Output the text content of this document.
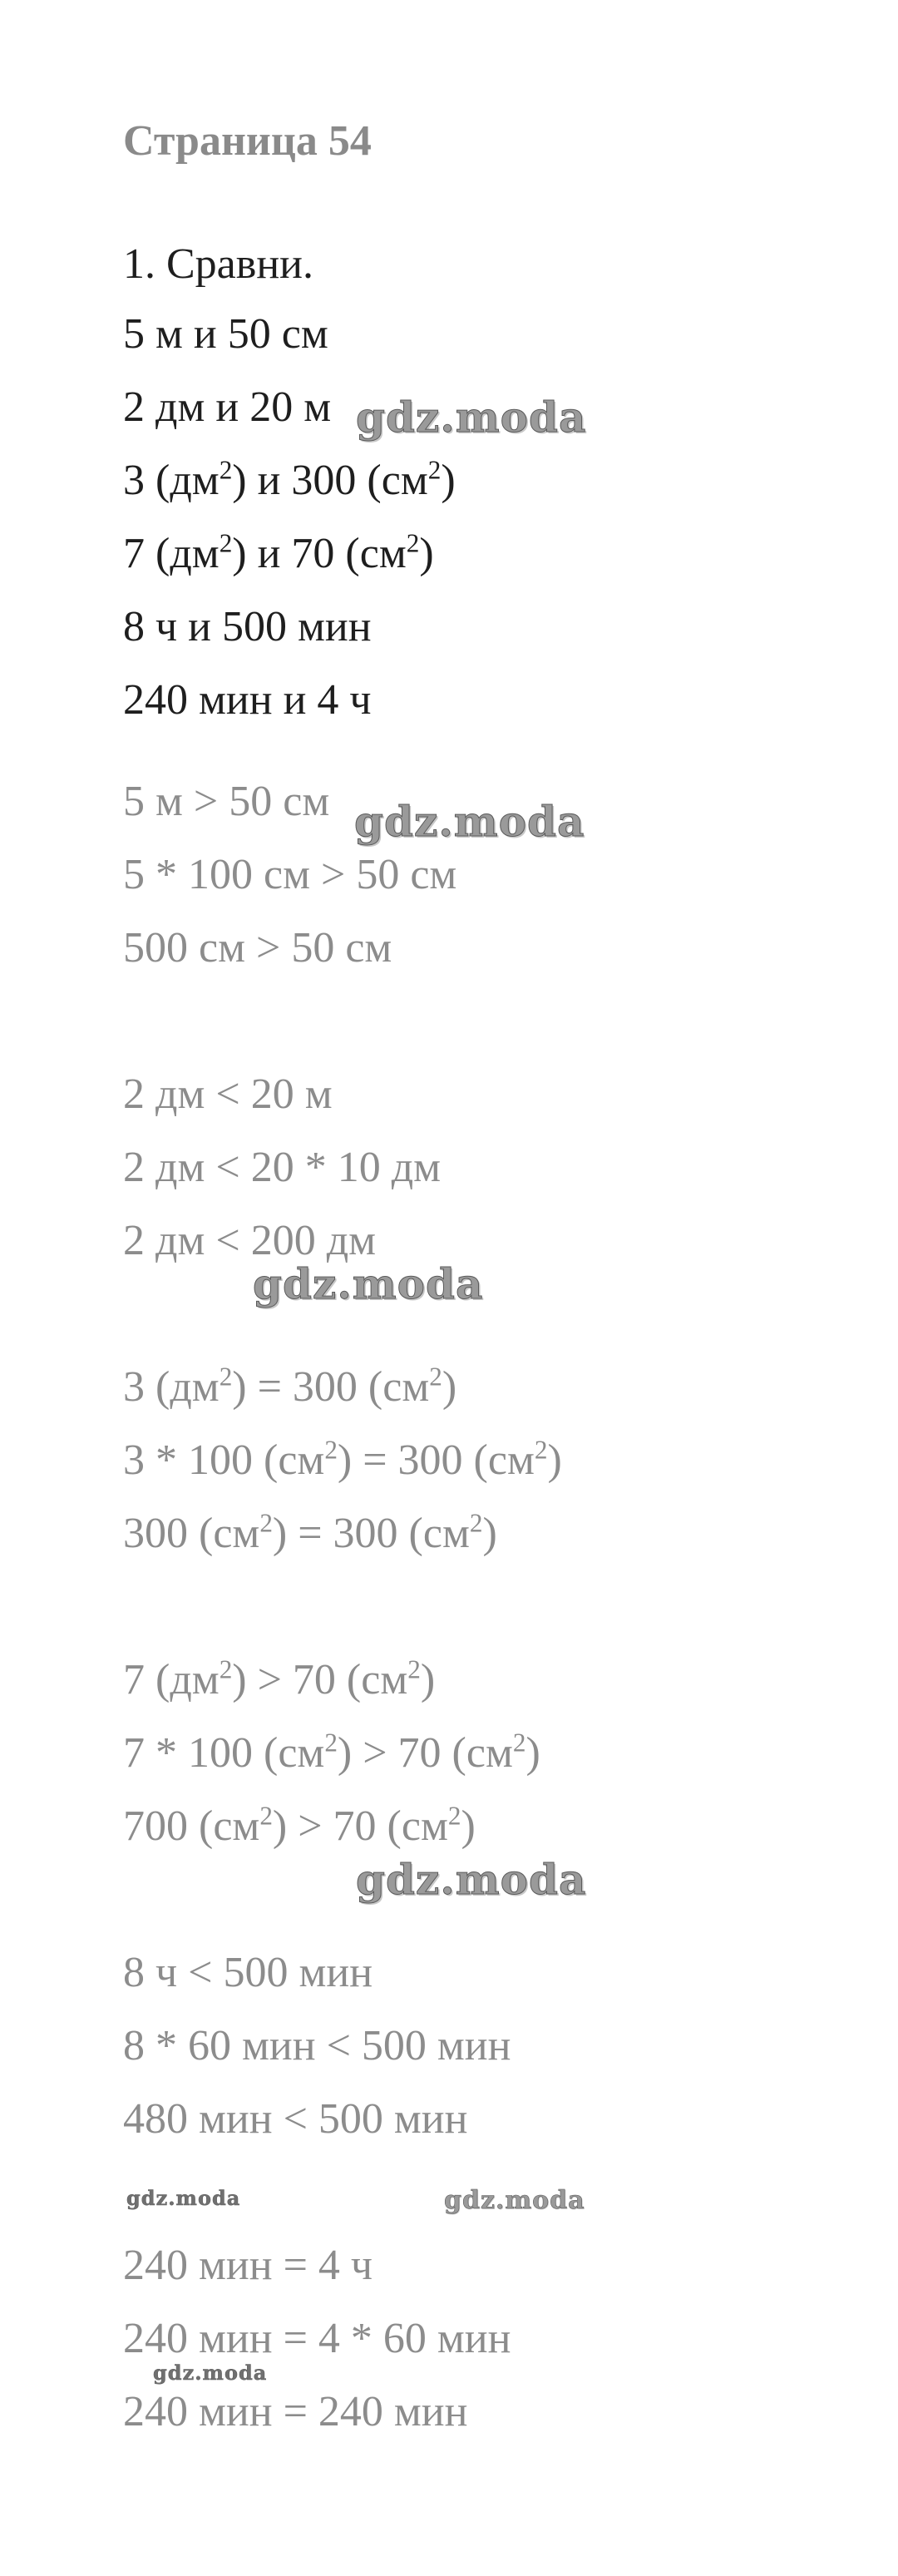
Страница 54
1. Сравни.
5 м и 50 см
2 дм и 20 м
3 $(дм^2)$ и 300 $(см^2)$
7 $(дм^2)$ и 70 $(см^2)$
8 ч и 500 мин
240 мин и 4 ч
5 м > 50 см
5 * 100 см > 50 см
500 см > 50 см
2 дм < 20 м
2 дм < 20 * 10 дм
2 дм < 200 дм
3 $(дм^2) = 300$ $(см^2)$
3 * 100 $(см^2) = 300$ $(см^2)$
300 $(см^2) = 300$ $(см^2)$
7 $(дм^2) > 70$ $(см^2)$
7 * 100 $(см^2) > 70$ $(см^2)$
700 $(см^2) > 70$ $(см^2)$
8 ч < 500 мин
8 * 60 мин < 500 мин
480 мин < 500 мин
240 мин = 4 ч
240 мин = 4 * 60 мин
240 мин = 240 мин
gdz.moda
gdz.moda
gdz.moda
gdz.moda
gdz.moda
gdz.moda
gdz.moda
